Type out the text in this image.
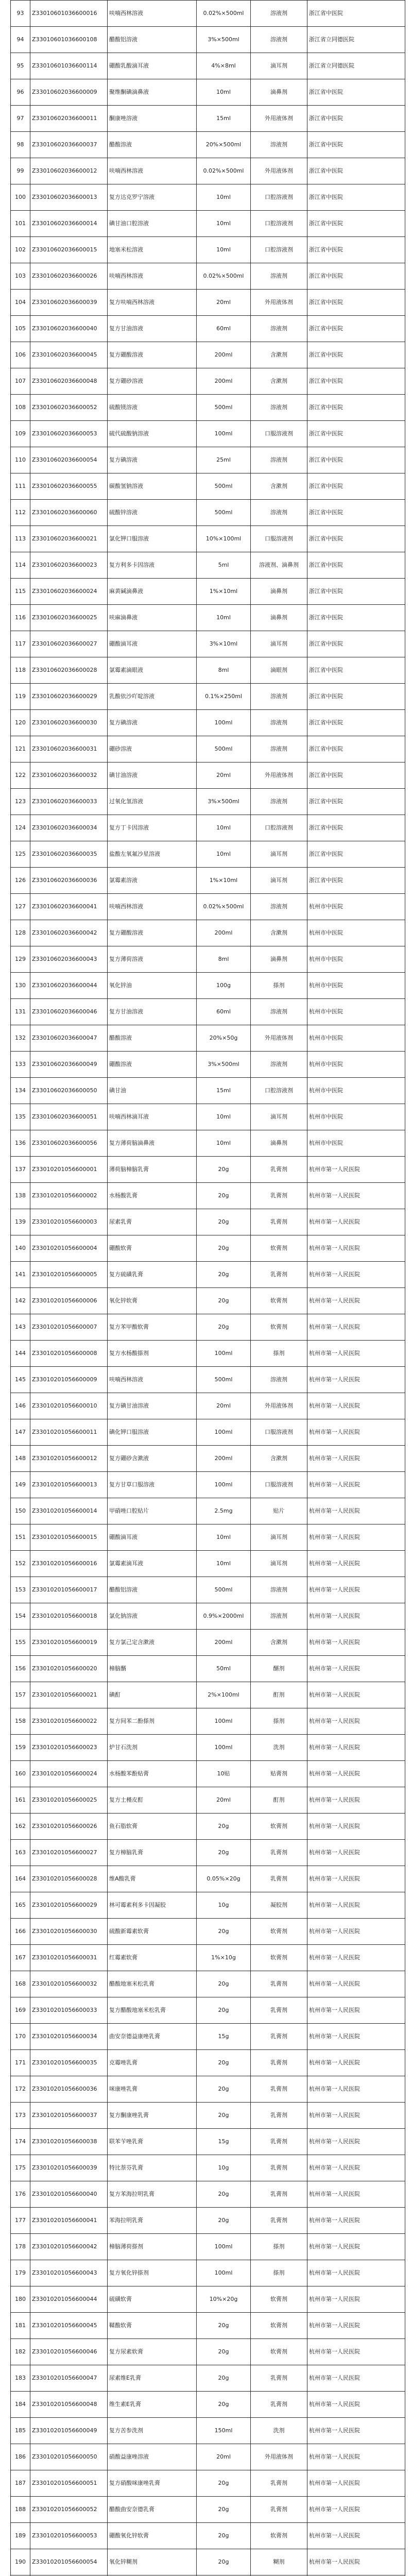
93	Z33010601036600016	呋喃西林溶液	0.02%×500ml	溶液剂	浙江省中医院
94	Z33010601036600108	醋酸铝溶液	3%×500ml	溶液剂	浙江省立同德医院
95	Z33010601036600114	硼酸乳酸滴耳液	4%×8ml	滴耳剂	浙江省立同德医院
96	Z33010602036600009	聚维酮碘滴鼻液	10ml	滴鼻剂	浙江省中医院
97	Z33010602036600011	酮康唑溶液	15ml	外用液体剂	浙江省中医院
98	Z33010602036600037	醋酸溶液	20%×500ml	溶液剂	浙江省中医院
99	Z33010602036600012	呋喃西林溶液	0.02%×500ml	外用液体剂	浙江省中医院
100	Z33010602036600013	复方达克罗宁溶液	10ml	口腔溶液剂	浙江省中医院
101	Z33010602036600014	碘甘油口腔溶液	10ml	口腔溶液剂	浙江省中医院
102	Z33010602036600015	地塞米松溶液	10ml	口腔溶液剂	浙江省中医院
103	Z33010602036600026	呋喃西林溶液	0.02%×500ml	溶液剂	浙江省中医院
104	Z33010602036600039	复方呋喃西林溶液	20ml	外用液体剂	浙江省中医院
105	Z33010602036600040	复方甘油溶液	60ml	溶液剂	浙江省中医院
106	Z33010602036600045	复方硼酸溶液	200ml	含漱剂	浙江省中医院
107	Z33010602036600048	复方硼砂溶液	200ml	含漱剂	浙江省中医院
108	Z33010602036600052	硫酸镁溶液	500ml	溶液剂	浙江省中医院
109	Z33010602036600053	硫代硫酸钠溶液	100ml	口服溶液剂	浙江省中医院
110	Z33010602036600054	复方碘溶液	25ml	溶液剂	浙江省中医院
111	Z33010602036600055	碳酸氢钠溶液	500ml	含漱剂	浙江省中医院
112	Z33010602036600060	硫酸锌溶液	500ml	溶液剂	浙江省中医院
113	Z33010602036600021	氯化钾口服溶液	10%×100ml	口服溶液剂	浙江省中医院
114	Z33010602036600023	复方利多卡因溶液	5ml	溶液剂、滴鼻剂	浙江省中医院
115	Z33010602036600024	麻黄碱滴鼻液	1%×10ml	滴鼻剂	浙江省中医院
116	Z33010602036600025	呋麻滴鼻液	10ml	滴鼻剂	浙江省中医院
117	Z33010602036600027	硼酸滴耳液	3%×10ml	滴耳剂	浙江省中医院
118	Z33010602036600028	氯霉素滴眼液	8ml	滴眼剂	浙江省中医院
119	Z33010602036600029	乳酸依沙吖啶溶液	0.1%×250ml	溶液剂	浙江省中医院
120	Z33010602036600030	复方碘溶液	100ml	溶液剂	浙江省中医院
121	Z33010602036600031	硼砂溶液	500ml	溶液剂	浙江省中医院
122	Z33010602036600032	碘甘油溶液	20ml	外用液体剂	浙江省中医院
123	Z33010602036600033	过氧化氢溶液	3%×500ml	溶液剂	浙江省中医院
124	Z33010602036600034	复方丁卡因溶液	10ml	口腔溶液剂	浙江省中医院
125	Z33010602036600035	盐酸左氧氟沙星溶液	10ml	滴耳剂	浙江省中医院
126	Z33010602036600036	氯霉素溶液	1%×10ml	滴耳剂	浙江省中医院
127	Z33010602036600041	呋喃西林溶液	0.02%×500ml	溶液剂	杭州市中医院
128	Z33010602036600042	复方硼酸溶液	200ml	含漱剂	杭州市中医院
129	Z33010602036600043	复方薄荷溶液	8ml	滴鼻剂	杭州市中医院
130	Z33010602036600044	氧化锌油	100g	搽剂	杭州市中医院
131	Z33010602036600046	复方甘油溶液	60ml	溶液剂	杭州市中医院
132	Z33010602036600047	醋酸溶液	20%×50g	外用液体剂	杭州市中医院
133	Z33010602036600049	硼酸溶液	3%×500ml	溶液剂	杭州市中医院
134	Z33010602036600050	碘甘油	15ml	口腔溶液剂	杭州市中医院
135	Z33010602036600051	呋喃西林滴耳液	10ml	滴耳剂	杭州市中医院
136	Z33010602036600056	复方薄荷脑滴鼻液	10ml	滴鼻剂	杭州市中医院
137	Z33010201056600001	薄荷脑樟脑乳膏	20g	乳膏剂	杭州市第一人民医院
138	Z33010201056600002	水杨酸乳膏	20g	乳膏剂	杭州市第一人民医院
139	Z33010201056600003	尿素乳膏	20g	乳膏剂	杭州市第一人民医院
140	Z33010201056600004	硼酸软膏	20g	软膏剂	杭州市第一人民医院
141	Z33010201056600005	复方硫磺乳膏	20g	乳膏剂	杭州市第一人民医院
142	Z33010201056600006	氧化锌软膏	20g	软膏剂	杭州市第一人民医院
143	Z33010201056600007	复方苯甲酸软膏	20g	软膏剂	杭州市第一人民医院
144	Z33010201056600008	复方水杨酸搽剂	100ml	搽剂	杭州市第一人民医院
145	Z33010201056600009	呋喃西林溶液	500ml	溶液剂	杭州市第一人民医院
146	Z33010201056600010	复方碘甘油溶液	20ml	外用液体剂	杭州市第一人民医院
147	Z33010201056600011	碘化钾口服溶液	100ml	口服溶液剂	杭州市第一人民医院
148	Z33010201056600012	复方硼砂含漱液	200ml	含漱剂	杭州市第一人民医院
149	Z33010201056600013	复方甘草口服溶液	100ml	口服溶液剂	杭州市第一人民医院
150	Z33010201056600014	甲硝唑口腔贴片	2.5mg	贴片	杭州市第一人民医院
151	Z33010201056600015	硼酸滴耳液	10ml	滴耳剂	杭州市第一人民医院
152	Z33010201056600016	氯霉素滴耳液	10ml	滴耳剂	杭州市第一人民医院
153	Z33010201056600017	醋酸铝溶液	500ml	溶液剂	杭州市第一人民医院
154	Z33010201056600018	氯化钠溶液	0.9%×2000ml	溶液剂	杭州市第一人民医院
155	Z33010201056600019	复方氯己定含漱液	200ml	含漱剂	杭州市第一人民医院
156	Z33010201056600020	樟脑醑	50ml	醑剂	杭州市第一人民医院
157	Z33010201056600021	碘酊	2%×100ml	酊剂	杭州市第一人民医院
158	Z33010201056600022	复方间苯二酚搽剂	100ml	搽剂	杭州市第一人民医院
159	Z33010201056600023	炉甘石洗剂	100ml	洗剂	杭州市第一人民医院
160	Z33010201056600024	水杨酸苯酚贴膏	10贴	贴膏剂	杭州市第一人民医院
161	Z33010201056600025	复方土槿皮酊	20ml	酊剂	杭州市第一人民医院
162	Z33010201056600026	鱼石脂软膏	20g	软膏剂	杭州市第一人民医院
163	Z33010201056600027	复方樟脑乳膏	20g	乳膏剂	杭州市第一人民医院
164	Z33010201056600028	维A酸乳膏	0.05%×20g	乳膏剂	杭州市第一人民医院
165	Z33010201056600029	林可霉素利多卡因凝胶	10g	凝胶剂	杭州市第一人民医院
166	Z33010201056600030	硫酸新霉素软膏	20g	软膏剂	杭州市第一人民医院
167	Z33010201056600031	红霉素软膏	1%×10g	软膏剂	杭州市第一人民医院
168	Z33010201056600032	醋酸地塞米松乳膏	20g	乳膏剂	杭州市第一人民医院
169	Z33010201056600033	复方醋酸地塞米松乳膏	20g	乳膏剂	杭州市第一人民医院
170	Z33010201056600034	曲安奈德益康唑乳膏	15g	乳膏剂	杭州市第一人民医院
171	Z33010201056600035	克霉唑乳膏	20g	乳膏剂	杭州市第一人民医院
172	Z33010201056600036	咪康唑乳膏	20g	乳膏剂	杭州市第一人民医院
173	Z33010201056600037	复方酮康唑乳膏	20g	乳膏剂	杭州市第一人民医院
174	Z33010201056600038	联苯苄唑乳膏	15g	乳膏剂	杭州市第一人民医院
175	Z33010201056600039	特比萘芬乳膏	10g	乳膏剂	杭州市第一人民医院
176	Z33010201056600040	复方苯海拉明乳膏	20g	乳膏剂	杭州市第一人民医院
177	Z33010201056600041	苯海拉明乳膏	20g	乳膏剂	杭州市第一人民医院
178	Z33010201056600042	樟脑薄荷搽剂	100ml	搽剂	杭州市第一人民医院
179	Z33010201056600043	复方氧化锌搽剂	100ml	搽剂	杭州市第一人民医院
180	Z33010201056600044	硫磺软膏	10%×20g	软膏剂	杭州市第一人民医院
181	Z33010201056600045	鞣酸软膏	20g	软膏剂	杭州市第一人民医院
182	Z33010201056600046	复方尿素软膏	20g	软膏剂	杭州市第一人民医院
183	Z33010201056600047	尿素维E乳膏	20g	乳膏剂	杭州市第一人民医院
184	Z33010201056600048	维生素E乳膏	20g	乳膏剂	杭州市第一人民医院
185	Z33010201056600049	复方苦参洗剂	150ml	洗剂	杭州市第一人民医院
186	Z33010201056600050	硝酸益康唑溶液	20ml	外用液体剂	杭州市第一人民医院
187	Z33010201056600051	复方硝酸咪康唑乳膏	20g	乳膏剂	杭州市第一人民医院
188	Z33010201056600052	醋酸曲安奈德乳膏	20g	乳膏剂	杭州市第一人民医院
189	Z33010201056600053	硼酸氧化锌软膏	20g	软膏剂	杭州市第一人民医院
190	Z33010201056600054	氧化锌糊剂	20g	糊剂	杭州市第一人民医院
